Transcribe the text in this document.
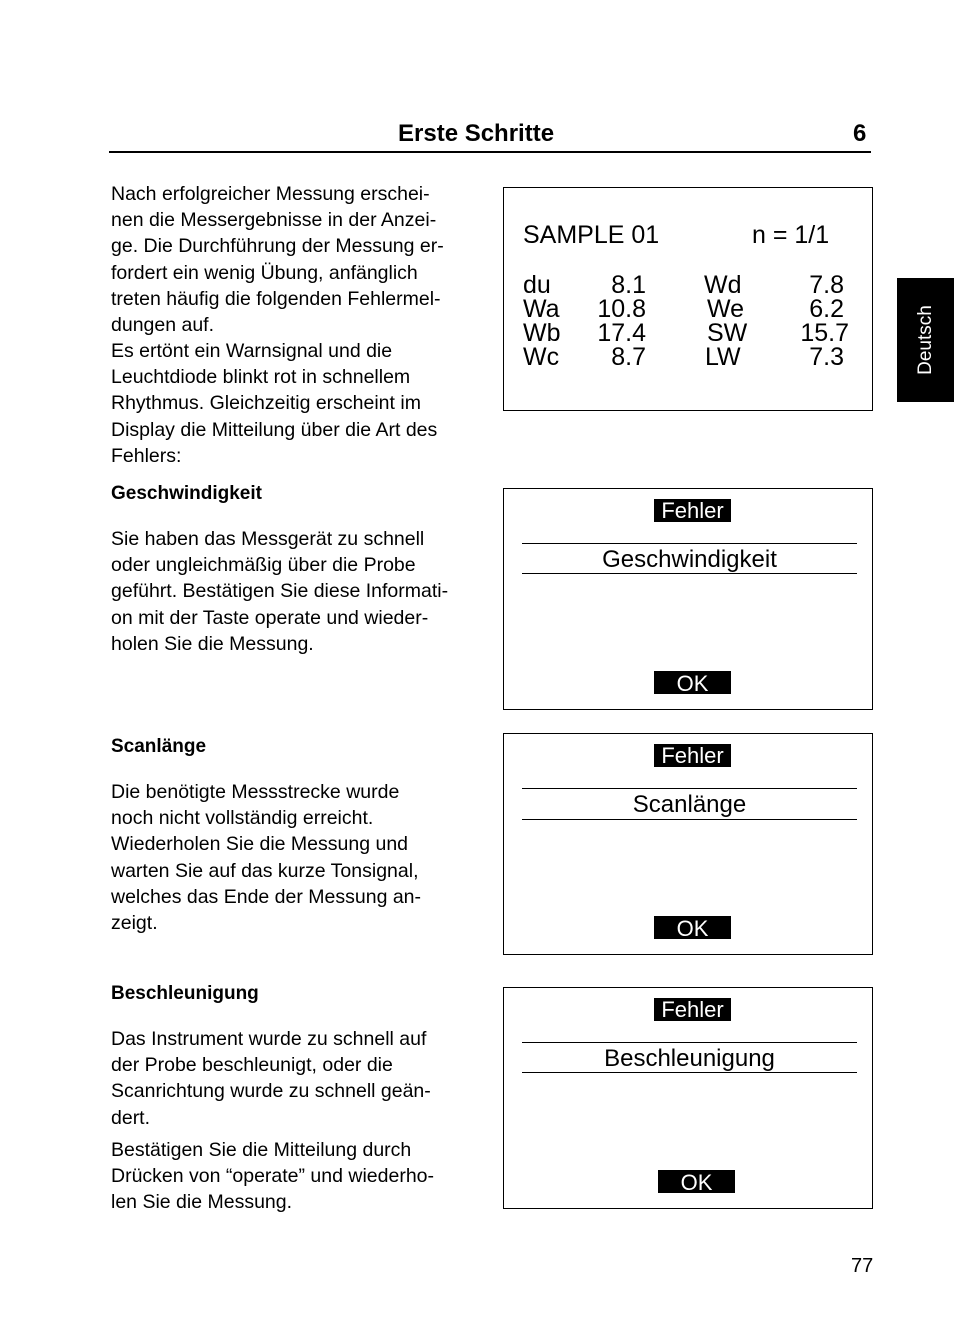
Erste Schritte	6
Deutsch

Nach erfolgreicher Messung erschei-
nen die Messergebnisse in der Anzei-
ge. Die Durchführung der Messung er-
fordert ein wenig Übung, anfänglich
treten häufig die folgenden Fehlermel-
dungen auf.

Es ertönt ein Warnsignal und die
Leuchtdiode blinkt rot in schnellem
Rhythmus. Gleichzeitig erscheint im
Display die Mitteilung über die Art des
Fehlers:

SAMPLE 01	n = 1/1
du 8.1 Wd	7.8
Wa 10.8 We	6.2
Wb 17.4 SW 15.7
Wc 8.7 LW	7.3
Geschwindigkeit

Sie haben das Messgerät zu schnell
oder ungleichmäßig über die Probe
geführt. Bestätigen Sie diese Informati-
on mit der Taste operate und wieder-
holen Sie die Messung.

Fehler
Geschwindigkeit
OK
Scanlänge

Die benötigte Messstrecke wurde
noch nicht vollständig erreicht.
Wiederholen Sie die Messung und
warten Sie auf das kurze Tonsignal,
welches das Ende der Messung an-
zeigt.

Fehler
Scanlänge
OK
Beschleunigung

Das Instrument wurde zu schnell auf
der Probe beschleunigt, oder die
Scanrichtung wurde zu schnell geän-
dert.

Bestätigen Sie die Mitteilung durch
Drücken von “operate” und wiederho-
len Sie die Messung.

Fehler
Beschleunigung
OK
77
